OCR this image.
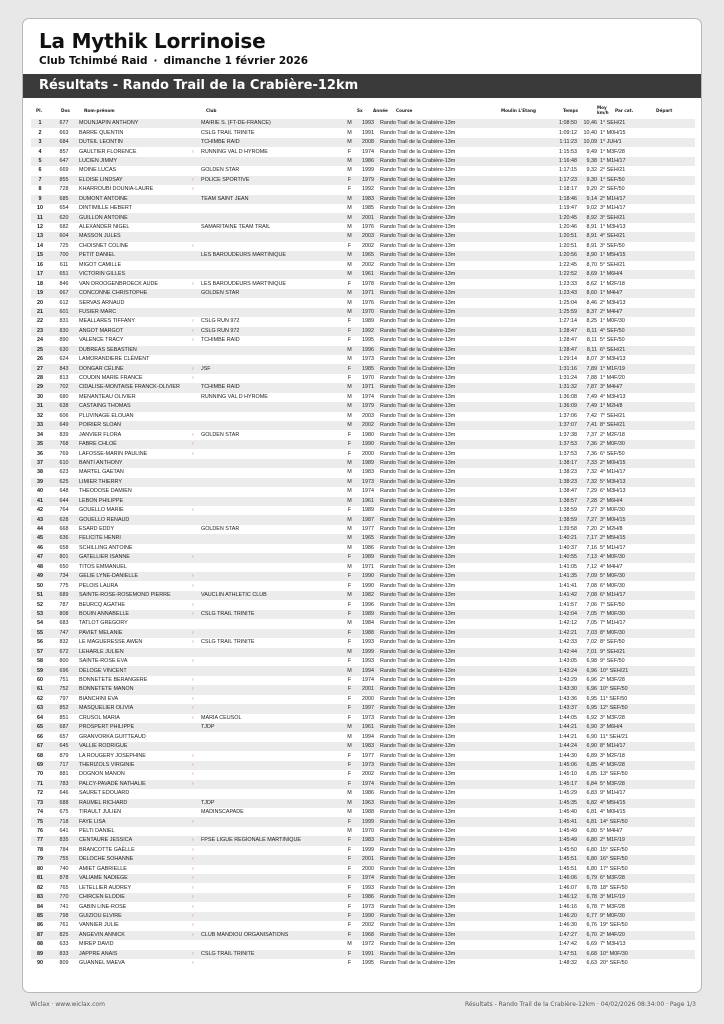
La Mythik Lorrinoise
Club Tchimbé Raid · dimanche 1 février 2026
Résultats - Rando Trail de la Crabière-12km
Pl.	Dos	Nom-prénom	Club	Sx Année Course	Moulin L'Etang	Temps
Moy
km/h Par cat.	Départ
1	677	MOUNJAPIN ANTHONY		MAIRIE S. (FT-DE-FRANCE)	M	1993	Rando Trail de la Crabière-13m		1:08:50	10,46	1° SEH/21	
2	663	BARRE QUENTIN		CSLG TRAIL TRINITE	M	1991	Rando Trail de la Crabière-13m		1:09:12	10,40	1° M0H/15	
3	684	DUTEIL LEONTIN		TCHIMBE RAID	M	2008	Rando Trail de la Crabière-13m		1:11:23	10,09	1° JUH/1	
4	857	GAULTIER FLORENCE	♀	RUNNING VAL D HYROME	F	1974	Rando Trail de la Crabière-13m		1:15:53	9,49	1° M3F/28	
5	647	LUCIEN JIMMY			M	1986	Rando Trail de la Crabière-13m		1:16:48	9,38	1° M1H/17	
6	669	MOINE LUCAS		GOLDEN STAR	M	1999	Rando Trail de la Crabière-13m		1:17:15	9,32	2° SEH/21	
7	855	ELOISE LINDSAY	♀	POLICE SPORTIVE	F	1979	Rando Trail de la Crabière-13m		1:17:23	9,30	1° SEF/50	
8	728	KHARROUBI DOUNIA-LAURE	♀		F	1992	Rando Trail de la Crabière-13m		1:18:17	9,20	2° SEF/50	
9	685	DUMONT ANTOINE		TEAM SAINT JEAN	M	1983	Rando Trail de la Crabière-13m		1:18:46	9,14	2° M1H/17	
10	654	DINTIMILLE HEBERT			M	1985	Rando Trail de la Crabière-13m		1:19:47	9,02	3° M1H/17	
11	620	GUILLON ANTOINE			M	2001	Rando Trail de la Crabière-13m		1:20:45	8,92	3° SEH/21	
12	682	ALEXANDER NIGEL		SAMARITAINE TEAM TRAIL	M	1976	Rando Trail de la Crabière-13m		1:20:46	8,91	1° M3H/13	
13	604	MASSON JULES			M	2003	Rando Trail de la Crabière-13m		1:20:51	8,91	4° SEH/21	
14	725	CHOISNET COLINE	♀		F	2002	Rando Trail de la Crabière-13m		1:20:51	8,91	3° SEF/50	
15	700	PETIT DANIEL		LES BAROUDEURS MARTINIQUE	M	1965	Rando Trail de la Crabière-13m		1:20:56	8,90	1° M5H/15	
16	611	MIGOT CAMILLE			M	2002	Rando Trail de la Crabière-13m		1:22:45	8,70	5° SEH/21	
17	651	VICTORIN GILLES			M	1961	Rando Trail de la Crabière-13m		1:22:52	8,69	1° M6H/4	
18	846	VAN DROOGENBROECK AUDE	♀	LES BAROUDEURS MARTINIQUE	F	1978	Rando Trail de la Crabière-13m		1:23:33	8,62	1° M2F/18	
19	667	CONCONNE CHRISTOPHE		GOLDEN STAR	M	1971	Rando Trail de la Crabière-13m		1:23:43	8,60	1° M4H/7	
20	612	SERVAS ARNAUD			M	1976	Rando Trail de la Crabière-13m		1:25:04	8,46	2° M3H/13	
21	601	FUSIER MARC			M	1970	Rando Trail de la Crabière-13m		1:25:59	8,37	2° M4H/7	
22	831	MEALLARES TIFFANY	♀	CSLG RUN 972	F	1989	Rando Trail de la Crabière-13m		1:27:14	8,25	1° M0F/30	
23	830	ANGOT MARGOT	♀	CSLG RUN 972	F	1992	Rando Trail de la Crabière-13m		1:28:47	8,11	4° SEF/50	
24	890	VALENCE TRACY	♀	TCHIMBE RAID	F	1995	Rando Trail de la Crabière-13m		1:28:47	8,11	5° SEF/50	
25	630	DUBREAS SEBASTIEN			M	1996	Rando Trail de la Crabière-13m		1:28:47	8,11	6° SEH/21	
26	624	LAMORANDIERE CLÉMENT			M	1973	Rando Trail de la Crabière-13m		1:29:14	8,07	3° M3H/13	
27	843	DONGAR CÉLINE	♀	JSF	F	1985	Rando Trail de la Crabière-13m		1:31:16	7,89	1° M1F/19	
28	813	COUDIN MARIE FRANCE	♀		F	1970	Rando Trail de la Crabière-13m		1:31:24	7,88	1° M4F/20	
29	702	CIDALISE-MONTAISE FRANCK-OLIVIER		TCHIMBE RAID	M	1971	Rando Trail de la Crabière-13m		1:31:32	7,87	3° M4H/7	
30	680	MENANTEAU OLIVIER		RUNNING VAL D HYROME	M	1974	Rando Trail de la Crabière-13m		1:36:08	7,49	4° M3H/13	
31	638	CASTAING THOMAS			M	1979	Rando Trail de la Crabière-13m		1:36:09	7,49	1° M2H/8	
32	606	PLUVINAGE ELOUAN			M	2003	Rando Trail de la Crabière-13m		1:37:06	7,42	7° SEH/21	
33	649	POIRIER SLOAN			M	2002	Rando Trail de la Crabière-13m		1:37:07	7,41	8° SEH/21	
34	839	JANVIER FLORA	♀	GOLDEN STAR	F	1980	Rando Trail de la Crabière-13m		1:37:38	7,37	2° M2F/18	
35	768	FABRE CHLOÉ	♀		F	1990	Rando Trail de la Crabière-13m		1:37:53	7,36	2° M0F/30	
36	769	LAFOSSE-MARIN PAULINE	♀		F	2000	Rando Trail de la Crabière-13m		1:37:53	7,36	6° SEF/50	
37	610	BANTI ANTHONY			M	1989	Rando Trail de la Crabière-13m		1:38:17	7,33	2° M0H/15	
38	623	MARTEL GAETAN			M	1983	Rando Trail de la Crabière-13m		1:38:23	7,32	4° M1H/17	
39	625	LIMIER THIERRY			M	1973	Rando Trail de la Crabière-13m		1:38:23	7,32	5° M3H/13	
40	648	THEODOSE DAMIEN			M	1974	Rando Trail de la Crabière-13m		1:38:47	7,29	6° M3H/13	
41	644	LEBON PHILIPPE			M	1961	Rando Trail de la Crabière-13m		1:38:57	7,28	2° M6H/4	
42	764	GOUELLO MARIE	♀		F	1989	Rando Trail de la Crabière-13m		1:38:59	7,27	3° M0F/30	
43	628	GOUELLO RENAUD			M	1987	Rando Trail de la Crabière-13m		1:38:59	7,27	3° M0H/15	
44	668	ESARD EDDY		GOLDEN STAR	M	1977	Rando Trail de la Crabière-13m		1:39:58	7,20	2° M2H/8	
45	636	FELICITE HENRI			M	1965	Rando Trail de la Crabière-13m		1:40:21	7,17	2° M5H/15	
46	658	SCHILLING ANTOINE			M	1986	Rando Trail de la Crabière-13m		1:40:37	7,16	5° M1H/17	
47	801	GATELLIER ISANNE	♀		F	1989	Rando Trail de la Crabière-13m		1:40:55	7,13	4° M0F/30	
48	650	TITOS EMMANUEL			M	1971	Rando Trail de la Crabière-13m		1:41:05	7,12	4° M4H/7	
49	734	GELIE LYNE-DANIELLE	♀		F	1990	Rando Trail de la Crabière-13m		1:41:35	7,09	5° M0F/30	
50	775	PELOIS LAURA	♀		F	1990	Rando Trail de la Crabière-13m		1:41:41	7,08	6° M0F/30	
51	689	SAINTE-ROSE-ROSEMOND PIERRE		VAUCLIN ATHLETIC CLUB	M	1982	Rando Trail de la Crabière-13m		1:41:42	7,08	6° M1H/17	
52	787	BEURCQ AGATHE	♀		F	1996	Rando Trail de la Crabière-13m		1:41:57	7,06	7° SEF/50	
53	808	BOUIN ANNABELLE	♀	CSLG TRAIL TRINITE	F	1989	Rando Trail de la Crabière-13m		1:42:04	7,05	7° M0F/30	
54	683	TATLOT GREGORY			M	1984	Rando Trail de la Crabière-13m		1:42:12	7,05	7° M1H/17	
55	747	PAVIET MELANIE	♀		F	1988	Rando Trail de la Crabière-13m		1:42:21	7,03	8° M0F/30	
56	832	LE MAGUERESSE AWEN	♀	CSLG TRAIL TRINITE	F	1993	Rando Trail de la Crabière-13m		1:42:33	7,02	8° SEF/50	
57	672	LEHARLE JULIEN			M	1999	Rando Trail de la Crabière-13m		1:42:44	7,01	9° SEH/21	
58	800	SAINTE-ROSE EVA	♀		F	1993	Rando Trail de la Crabière-13m		1:43:05	6,98	9° SEF/50	
59	696	DELOGE VINCENT			M	1994	Rando Trail de la Crabière-13m		1:43:24	6,96	10° SEH/21	
60	751	BONNETETE BERANGERE	♀		F	1974	Rando Trail de la Crabière-13m		1:43:29	6,96	2° M3F/28	
61	752	BONNETETE MANON	♀		F	2001	Rando Trail de la Crabière-13m		1:43:30	6,96	10° SEF/50	
62	797	BIANCHINI EVA	♀		F	2000	Rando Trail de la Crabière-13m		1:43:36	6,95	11° SEF/50	
63	852	MASQUELIER OLIVIA	♀		F	1997	Rando Trail de la Crabière-13m		1:43:37	6,95	12° SEF/50	
64	851	CRUSOL MARIA	♀	MARIA CEUSOL	F	1973	Rando Trail de la Crabière-13m		1:44:05	6,92	3° M3F/28	
65	687	PROSPERT PHILIPPE		TJDP	M	1961	Rando Trail de la Crabière-13m		1:44:21	6,90	3° M6H/4	
66	657	GRANVORKA GUITTEAUD			M	1994	Rando Trail de la Crabière-13m		1:44:21	6,90	11° SEH/21	
67	645	VALLIE RODRIGUE			M	1983	Rando Trail de la Crabière-13m		1:44:24	6,90	8° M1H/17	
68	879	LA ROUGERY JOSEPHINE	♀		F	1977	Rando Trail de la Crabière-13m		1:44:30	6,89	3° M2F/18	
69	717	THERIZOLS VIRGINIE	♀		F	1973	Rando Trail de la Crabière-13m		1:45:06	6,85	4° M3F/28	
70	881	DOGNON MANON	♀		F	2002	Rando Trail de la Crabière-13m		1:45:10	6,85	13° SEF/50	
71	783	PALCY-PAVADÉ NATHALIE	♀		F	1974	Rando Trail de la Crabière-13m		1:45:17	6,84	5° M3F/28	
72	646	SAURET EDOUARD			M	1986	Rando Trail de la Crabière-13m		1:45:29	6,83	9° M1H/17	
73	688	RAUMEL RICHARD		TJDP	M	1963	Rando Trail de la Crabière-13m		1:45:35	6,82	4° M5H/15	
74	675	TIRAULT JULIEN		MADINSCAPADE	M	1988	Rando Trail de la Crabière-13m		1:45:40	6,81	4° M0H/15	
75	718	FAYE LISA	♀		F	1999	Rando Trail de la Crabière-13m		1:45:41	6,81	14° SEF/50	
76	641	PELTI DANIEL			M	1970	Rando Trail de la Crabière-13m		1:45:49	6,80	5° M4H/7	
77	835	CENTAURE JESSICA	♀	FPSE LIGUE REGIONALE MARTINIQUE	F	1983	Rando Trail de la Crabière-13m		1:45:49	6,80	2° M1F/19	
78	784	BRANCOTTE GAËLLE	♀		F	1999	Rando Trail de la Crabière-13m		1:45:50	6,80	15° SEF/50	
79	755	DELOCHE SOHANNE	♀		F	2001	Rando Trail de la Crabière-13m		1:45:51	6,80	16° SEF/50	
80	740	AMIET GABRIELLE	♀		F	2000	Rando Trail de la Crabière-13m		1:45:51	6,80	17° SEF/50	
81	878	VALIAME NADIEGE	♀		F	1974	Rando Trail de la Crabière-13m		1:46:06	6,79	6° M3F/28	
82	765	LETELLIER AUDREY	♀		F	1993	Rando Trail de la Crabière-13m		1:46:07	6,78	18° SEF/50	
83	770	CHIRCEN ELODIE	♀		F	1986	Rando Trail de la Crabière-13m		1:46:12	6,78	3° M1F/19	
84	741	GABIN LINE-ROSE	♀		F	1973	Rando Trail de la Crabière-13m		1:46:16	6,78	7° M3F/28	
85	798	GUIZIOU ELVIRE	♀		F	1990	Rando Trail de la Crabière-13m		1:46:20	6,77	9° M0F/30	
86	761	VANNIER JULIE	♀		F	2002	Rando Trail de la Crabière-13m		1:46:30	6,76	19° SEF/50	
87	825	ANGEVIN ANNICK	♀	CLUB MANDIOU ORGANISATIONS	F	1968	Rando Trail de la Crabière-13m		1:47:27	6,70	2° M4F/20	
88	633	MIREP DAVID			M	1972	Rando Trail de la Crabière-13m		1:47:42	6,69	7° M3H/13	
89	833	JAPPRE ANAIS	♀	CSLG TRAIL TRINITE	F	1991	Rando Trail de la Crabière-13m		1:47:51	6,68	10° M0F/30	
90	809	GUANNEL MAEVA	♀		F	1995	Rando Trail de la Crabière-13m		1:48:32	6,63	20° SEF/50	
Wiclax · www.wiclax.com	Résultats - Rando Trail de la Crabière-12km · 04/02/2026 08:34:00 · Page 1/3
